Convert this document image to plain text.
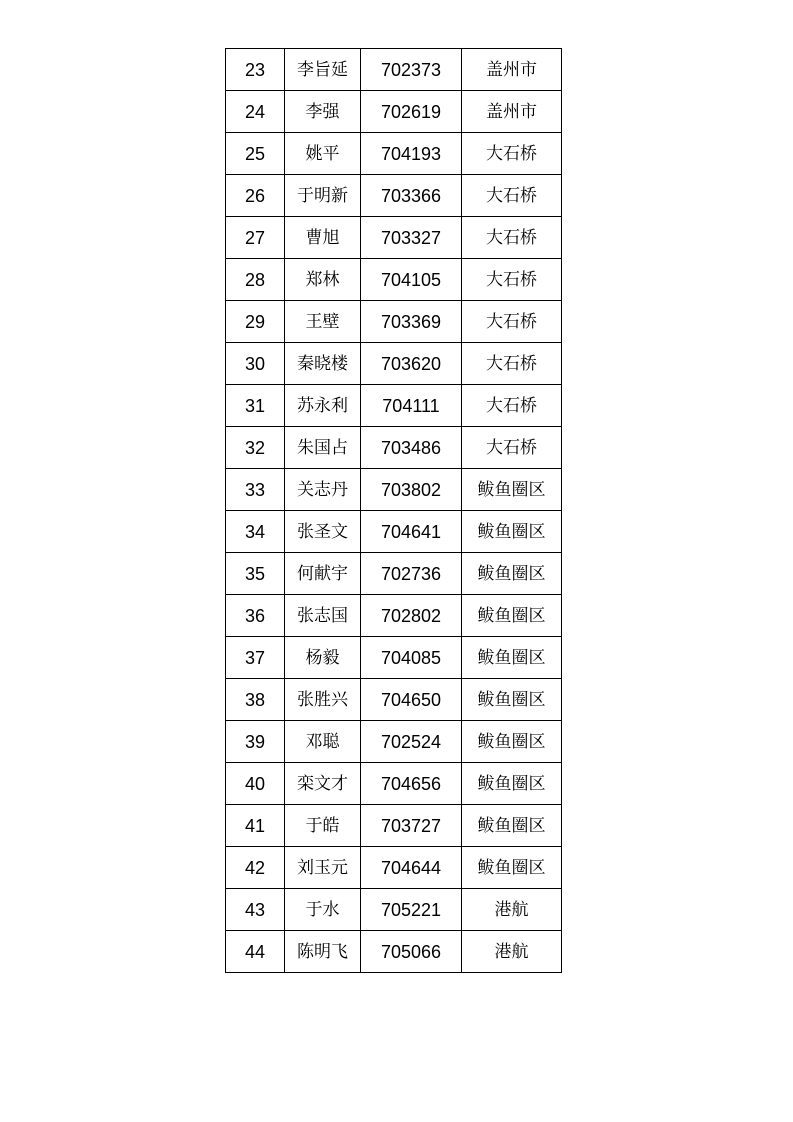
23	李旨延	702373	盖州市
24	李强	702619	盖州市
25	姚平	704193	大石桥
26	于明新	703366	大石桥
27	曹旭	703327	大石桥
28	郑林	704105	大石桥
29	王壁	703369	大石桥
30	秦晓楼	703620	大石桥
31	苏永利	704111	大石桥
32	朱国占	703486	大石桥
33	关志丹	703802	鲅鱼圈区
34	张圣文	704641	鲅鱼圈区
35	何献宇	702736	鲅鱼圈区
36	张志国	702802	鲅鱼圈区
37	杨毅	704085	鲅鱼圈区
38	张胜兴	704650	鲅鱼圈区
39	邓聪	702524	鲅鱼圈区
40	栾文才	704656	鲅鱼圈区
41	于皓	703727	鲅鱼圈区
42	刘玉元	704644	鲅鱼圈区
43	于水	705221	港航
44	陈明飞	705066	港航
